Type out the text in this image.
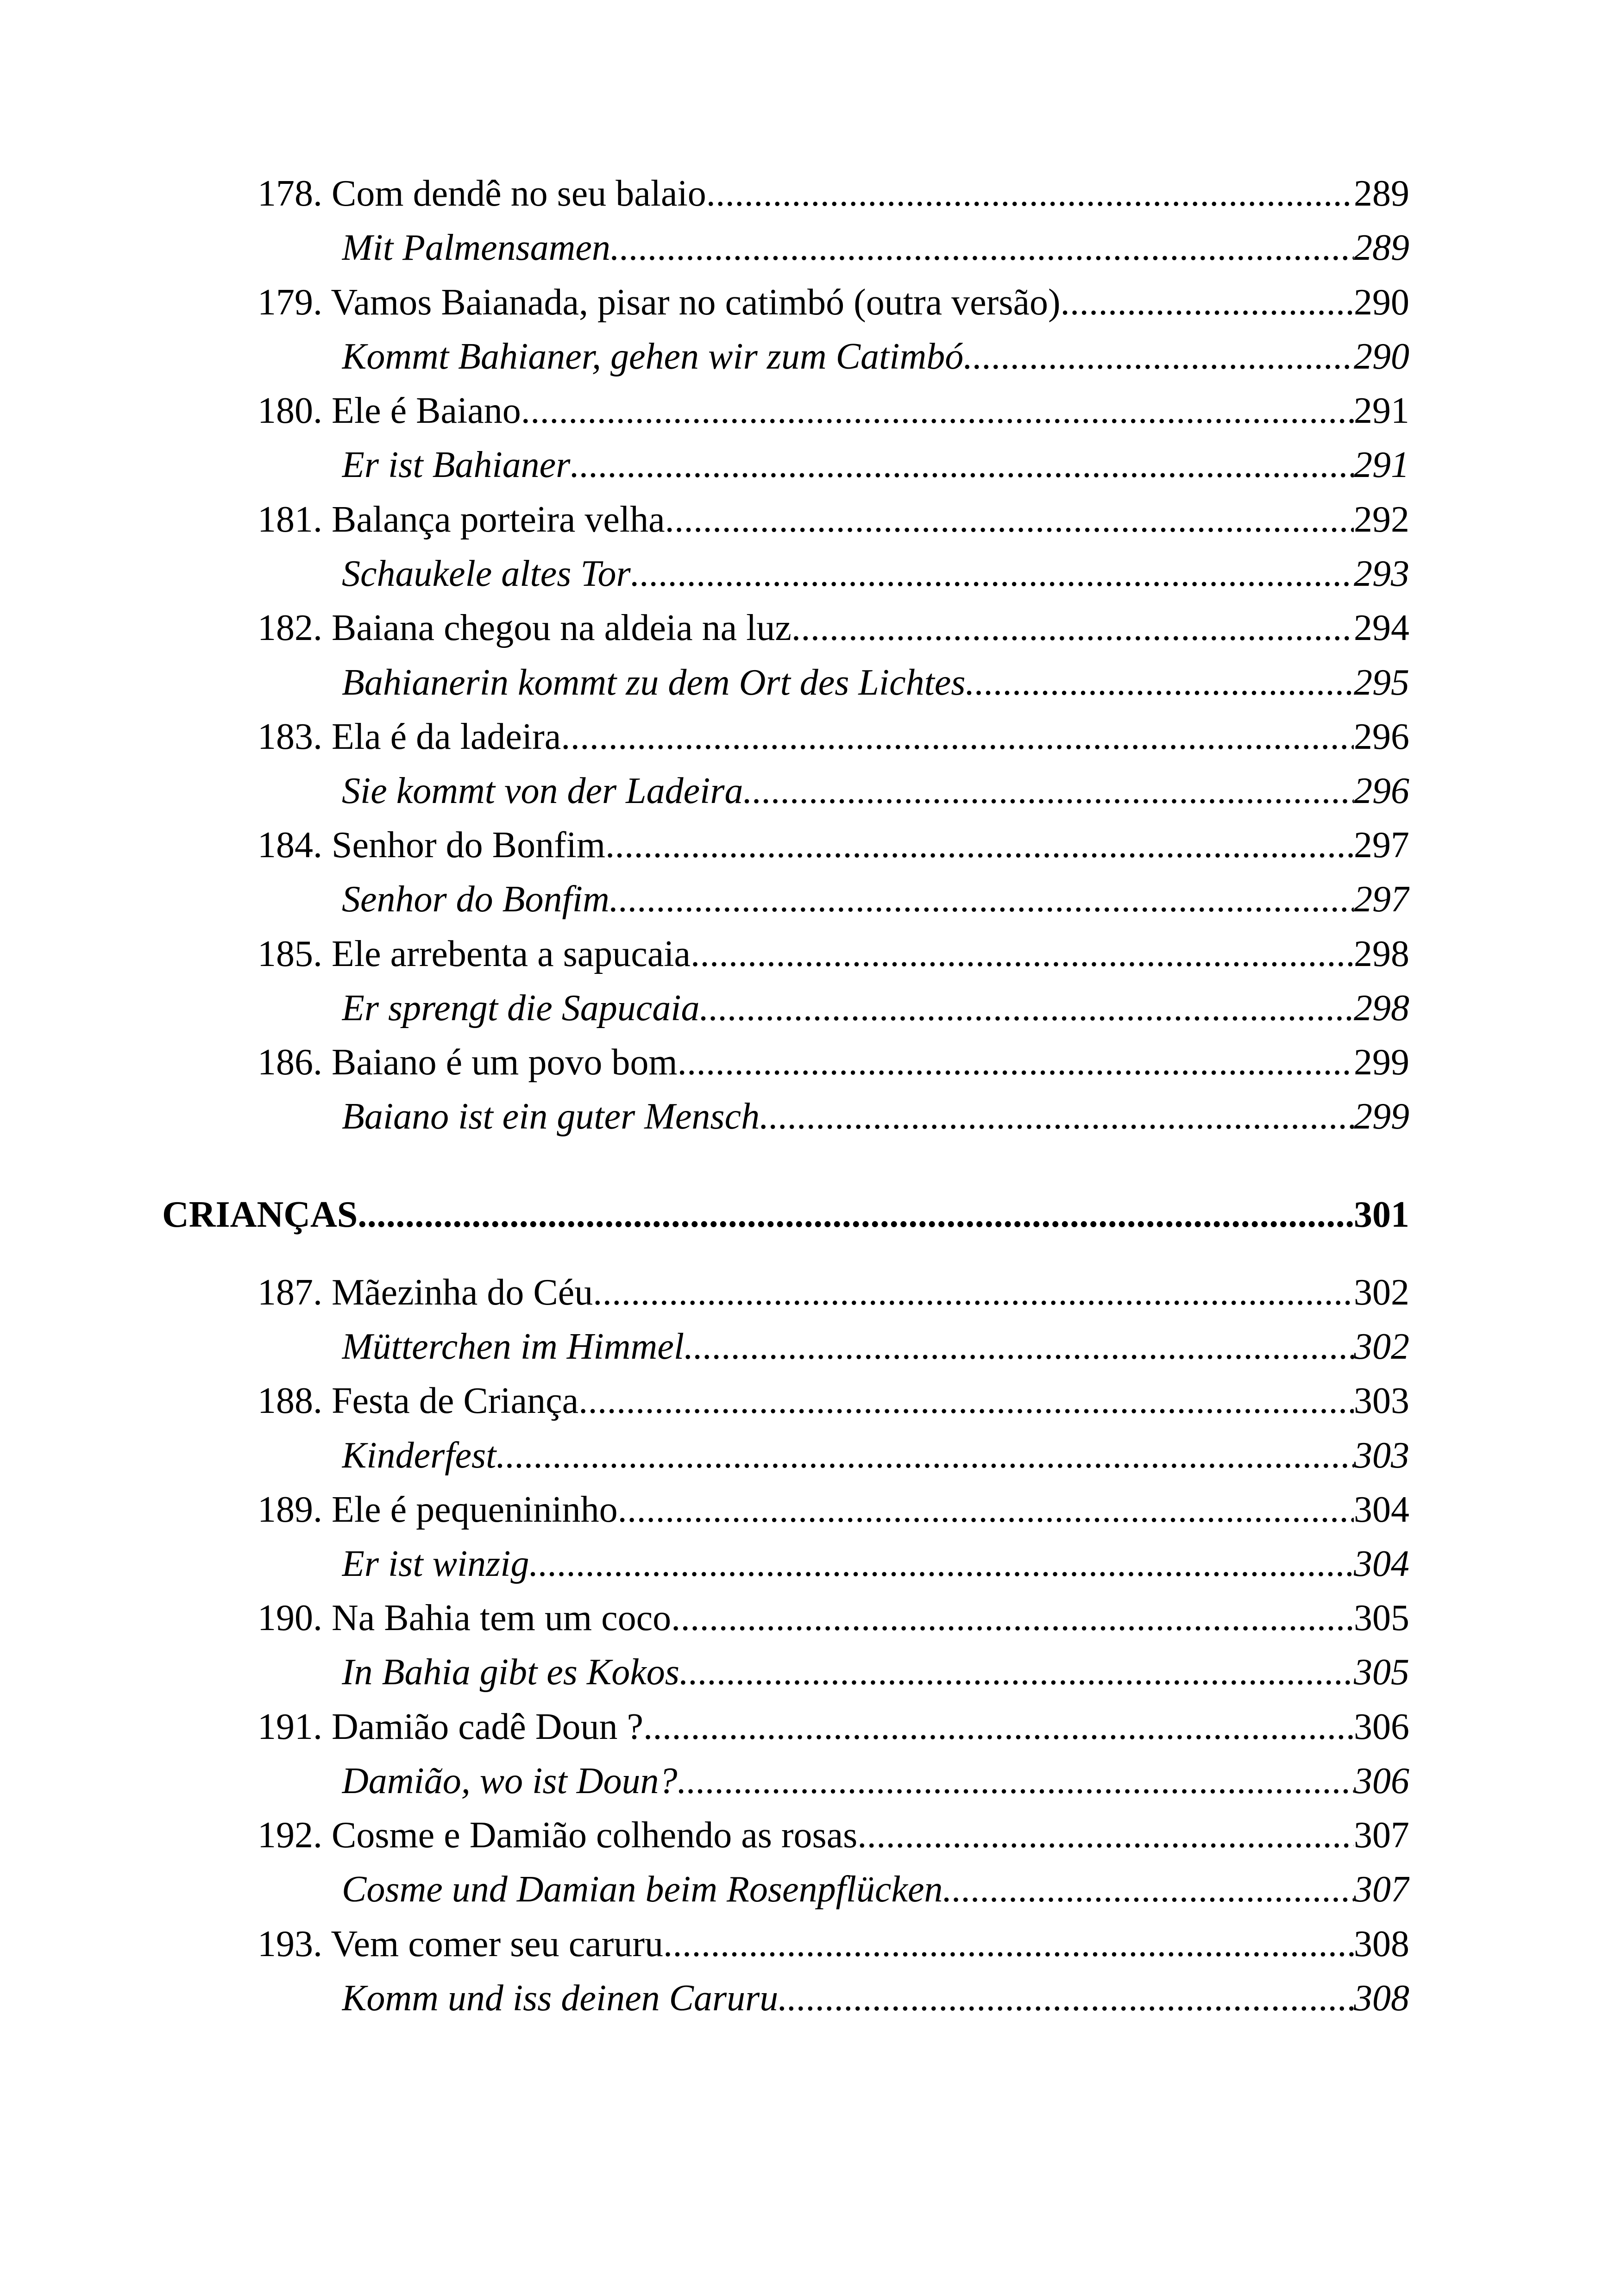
178. Com dendê no seu balaio .....	289
Mit Palmensamen .....	289
179. Vamos Baianada, pisar no catimbó (outra versão) .....	290
Kommt Bahianer, gehen wir zum Catimbó .....	290
180. Ele é Baiano .....	291
Er ist Bahianer .....	291
181. Balança porteira velha .....	292
Schaukele altes Tor .....	293
182. Baiana chegou na aldeia na luz .....	294
Bahianerin kommt zu dem Ort des Lichtes .....	295
183. Ela é da ladeira .....	296
Sie kommt von der Ladeira .....	296
184. Senhor do Bonfim .....	297
Senhor do Bonfim .....	297
185. Ele arrebenta a sapucaia .....	298
Er sprengt die Sapucaia .....	298
186. Baiano é um povo bom .....	299
Baiano ist ein guter Mensch .....	299
CRIANÇAS .....	301
187. Mãezinha do Céu .....	302
Mütterchen im Himmel .....	302
188. Festa de Criança .....	303
Kinderfest .....	303
189. Ele é pequenininho .....	304
Er ist winzig .....	304
190. Na Bahia tem um coco .....	305
In Bahia gibt es Kokos .....	305
191. Damião cadê Doun ? .....	306
Damião, wo ist Doun? .....	306
192. Cosme e Damião colhendo as rosas .....	307
Cosme und Damian beim Rosenpflücken .....	307
193. Vem comer seu caruru .....	308
Komm und iss deinen Caruru. .....	308
